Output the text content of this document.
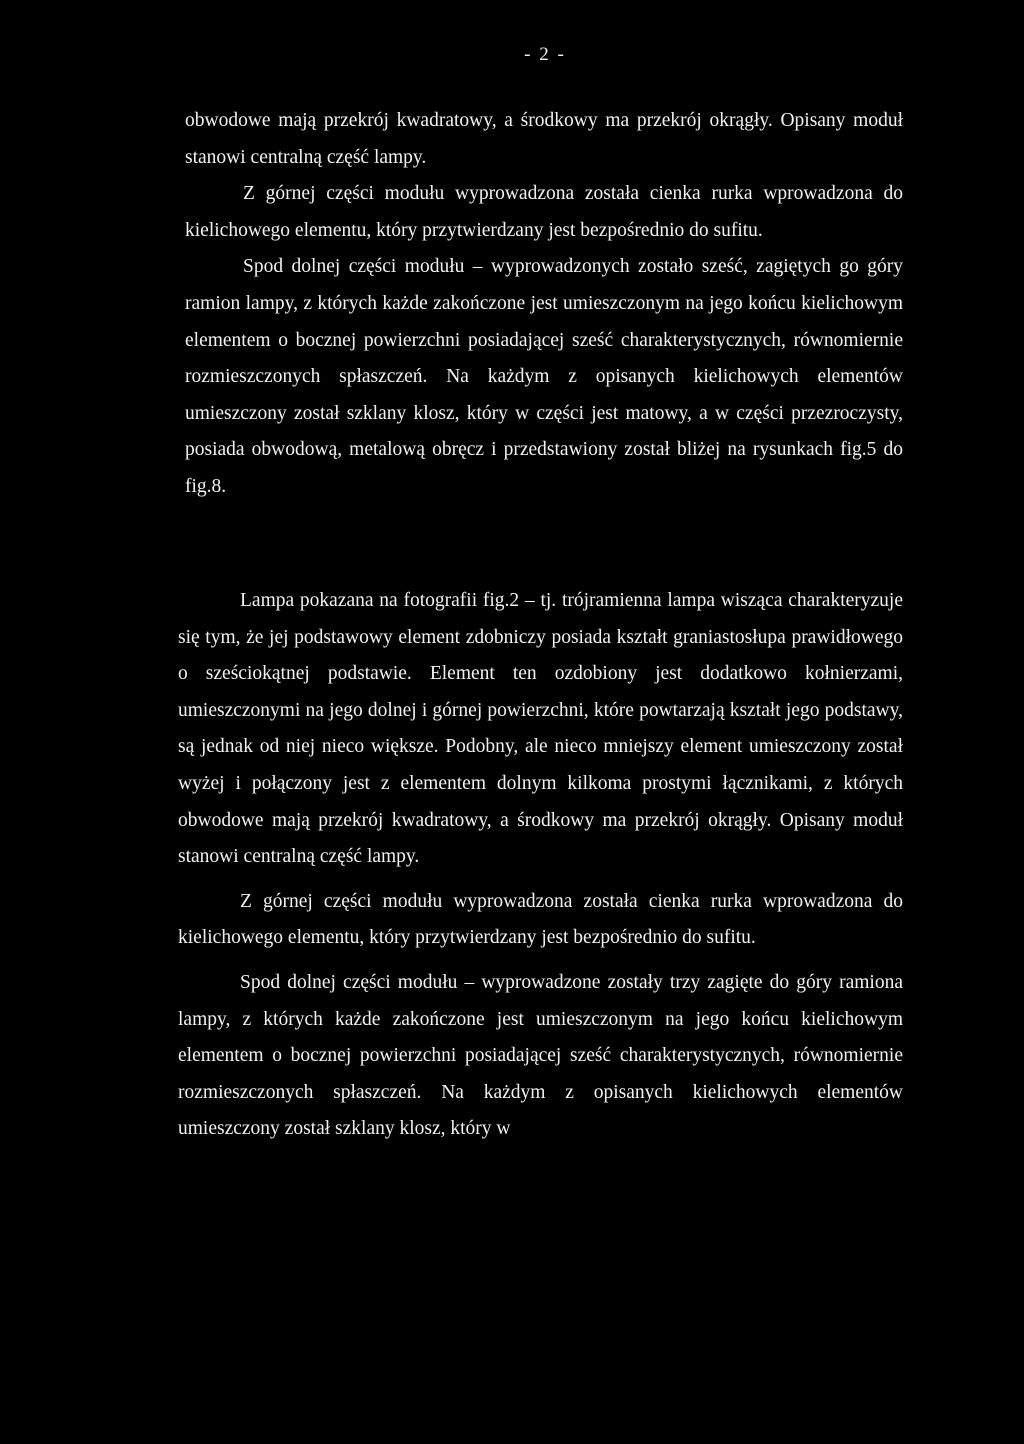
- 2 -

obwodowe mają przekrój kwadratowy, a środkowy ma przekrój okrągły. Opisany moduł stanowi centralną część lampy.

Z górnej części modułu wyprowadzona została cienka rurka wprowadzona do kielichowego elementu, który przytwierdzany jest bezpośrednio do sufitu.

Spod dolnej części modułu – wyprowadzonych zostało sześć, zagiętych go góry ramion lampy, z których każde zakończone jest umieszczonym na jego końcu kielichowym elementem o bocznej powierzchni posiadającej sześć charakterystycznych, równomiernie rozmieszczonych spłaszczeń. Na każdym z opisanych kielichowych elementów umieszczony został szklany klosz, który w części jest matowy, a w części przezroczysty, posiada obwodową, metalową obręcz i przedstawiony został bliżej na rysunkach fig.5 do fig.8.

Lampa pokazana na fotografii fig.2 – tj. trójramienna lampa wisząca charakteryzuje się tym, że jej podstawowy element zdobniczy posiada kształt graniastosłupa prawidłowego o sześciokątnej podstawie. Element ten ozdobiony jest dodatkowo kołnierzami, umieszczonymi na jego dolnej i górnej powierzchni, które powtarzają kształt jego podstawy, są jednak od niej nieco większe. Podobny, ale nieco mniejszy element umieszczony został wyżej i połączony jest z elementem dolnym kilkoma prostymi łącznikami, z których obwodowe mają przekrój kwadratowy, a środkowy ma przekrój okrągły. Opisany moduł stanowi centralną część lampy.

Z górnej części modułu wyprowadzona została cienka rurka wprowadzona do kielichowego elementu, który przytwierdzany jest bezpośrednio do sufitu.

Spod dolnej części modułu – wyprowadzone zostały trzy zagięte do góry ramiona lampy, z których każde zakończone jest umieszczonym na jego końcu kielichowym elementem o bocznej powierzchni posiadającej sześć charakterystycznych, równomiernie rozmieszczonych spłaszczeń. Na każdym z opisanych kielichowych elementów umieszczony został szklany klosz, który w
